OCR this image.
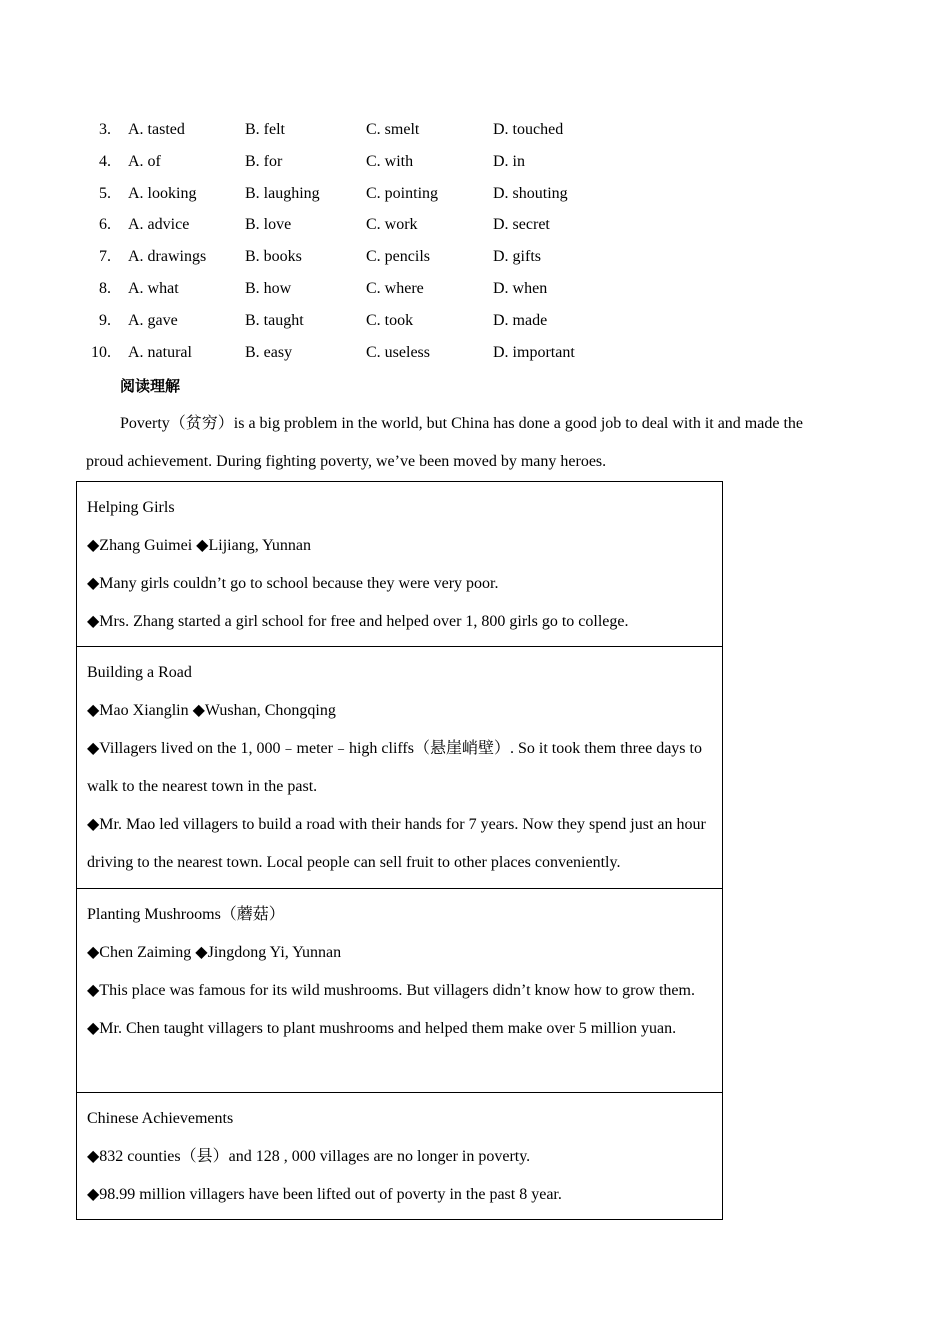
3. A. tasted	B. felt	C. smelt	D. touched
4. A. of	B. for	C. with	D. in
5. A. looking	B. laughing	C. pointing	D. shouting
6. A. advice	B. love	C. work	D. secret
7. A. drawings B. books	C. pencils	D. gifts
8. A. what	B. how	C. where	D. when
9. A. gave	B. taught	C. took	D. made
10. A. natural	B. easy	C. useless	D. important
阅读理解

Poverty（贫穷）is a big problem in the world, but China has done a good job to deal with it and made the proud achievement. During fighting poverty, we’ve been moved by many heroes.

Helping Girls

◆Zhang Guimei ◆Lijiang, Yunnan

◆Many girls couldn’t go to school because they were very poor.

◆Mrs. Zhang started a girl school for free and helped over 1, 800 girls go to college.

Building a Road

◆Mao Xianglin ◆Wushan, Chongqing

◆Villagers lived on the 1, 000﹣meter﹣high cliffs（悬崖峭壁）. So it took them three days to walk to the nearest town in the past.

◆Mr. Mao led villagers to build a road with their hands for 7 years. Now they spend just an hour driving to the nearest town. Local people can sell fruit to other places conveniently.

Planting Mushrooms（蘑菇）

◆Chen Zaiming ◆Jingdong Yi, Yunnan

◆This place was famous for its wild mushrooms. But villagers didn’t know how to grow them.

◆Mr. Chen taught villagers to plant mushrooms and helped them make over 5 million yuan.

Chinese Achievements

◆832 counties（县）and 128 , 000 villages are no longer in poverty.

◆98.99 million villagers have been lifted out of poverty in the past 8 year.
